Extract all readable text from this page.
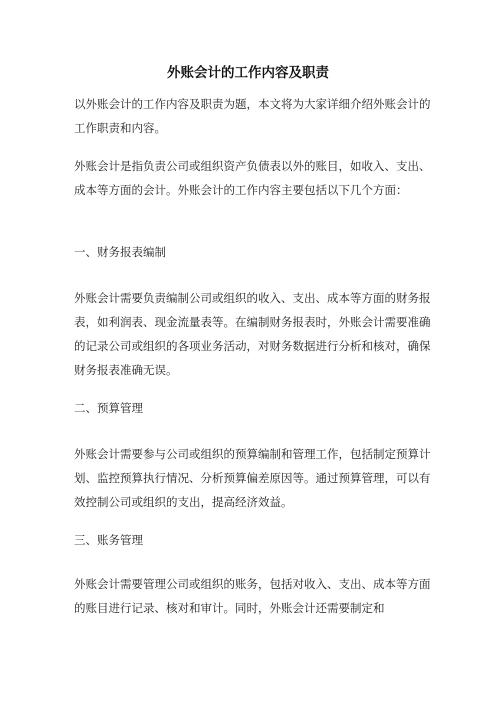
外账会计的工作内容及职责
以外账会计的工作内容及职责为题，本文将为大家详细介绍外账会计的工作职责和内容。
外账会计是指负责公司或组织资产负债表以外的账目，如收入、支出、成本等方面的会计。外账会计的工作内容主要包括以下几个方面：
一、财务报表编制
外账会计需要负责编制公司或组织的收入、支出、成本等方面的财务报表，如利润表、现金流量表等。在编制财务报表时，外账会计需要准确的记录公司或组织的各项业务活动，对财务数据进行分析和核对，确保财务报表准确无误。
二、预算管理
外账会计需要参与公司或组织的预算编制和管理工作，包括制定预算计划、监控预算执行情况、分析预算偏差原因等。通过预算管理，可以有效控制公司或组织的支出，提高经济效益。
三、账务管理
外账会计需要管理公司或组织的账务，包括对收入、支出、成本等方面的账目进行记录、核对和审计。同时，外账会计还需要制定和
